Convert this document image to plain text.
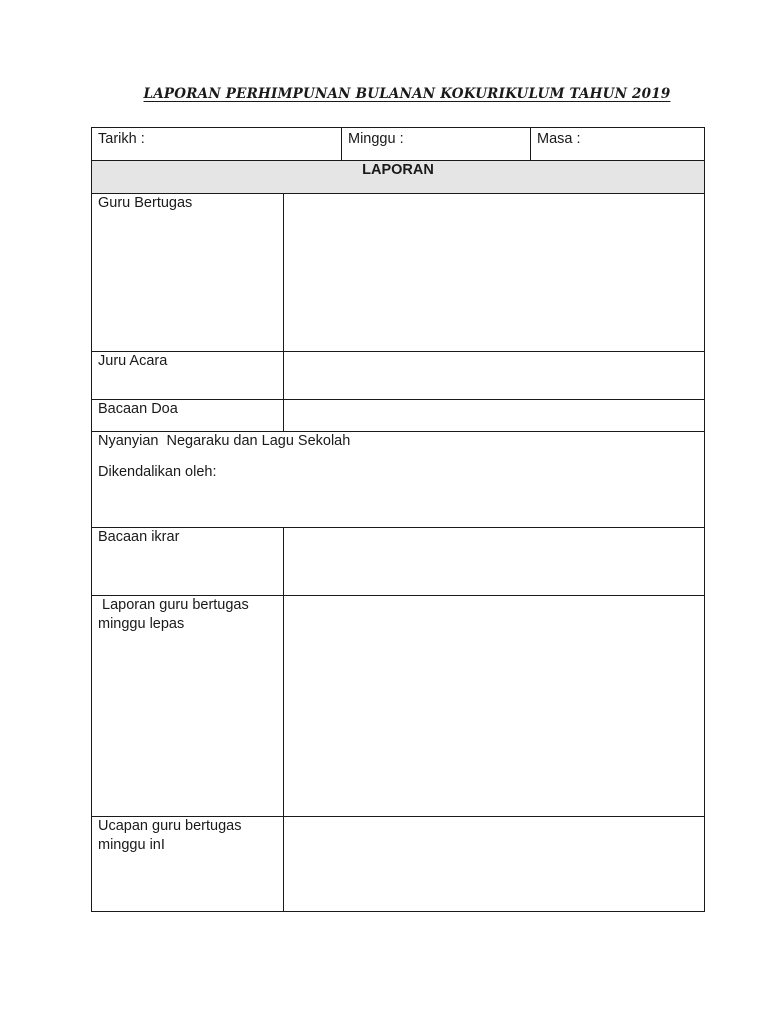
LAPORAN PERHIMPUNAN BULANAN KOKURIKULUM TAHUN 2019
Tarikh :	Minggu :	Masa :
LAPORAN
Guru Bertugas
Juru Acara
Bacaan Doa
Nyanyian  Negaraku dan Lagu Sekolah
Dikendalikan oleh:
Bacaan ikrar
Laporan guru bertugas
minggu lepas
Ucapan guru bertugas
minggu inI
